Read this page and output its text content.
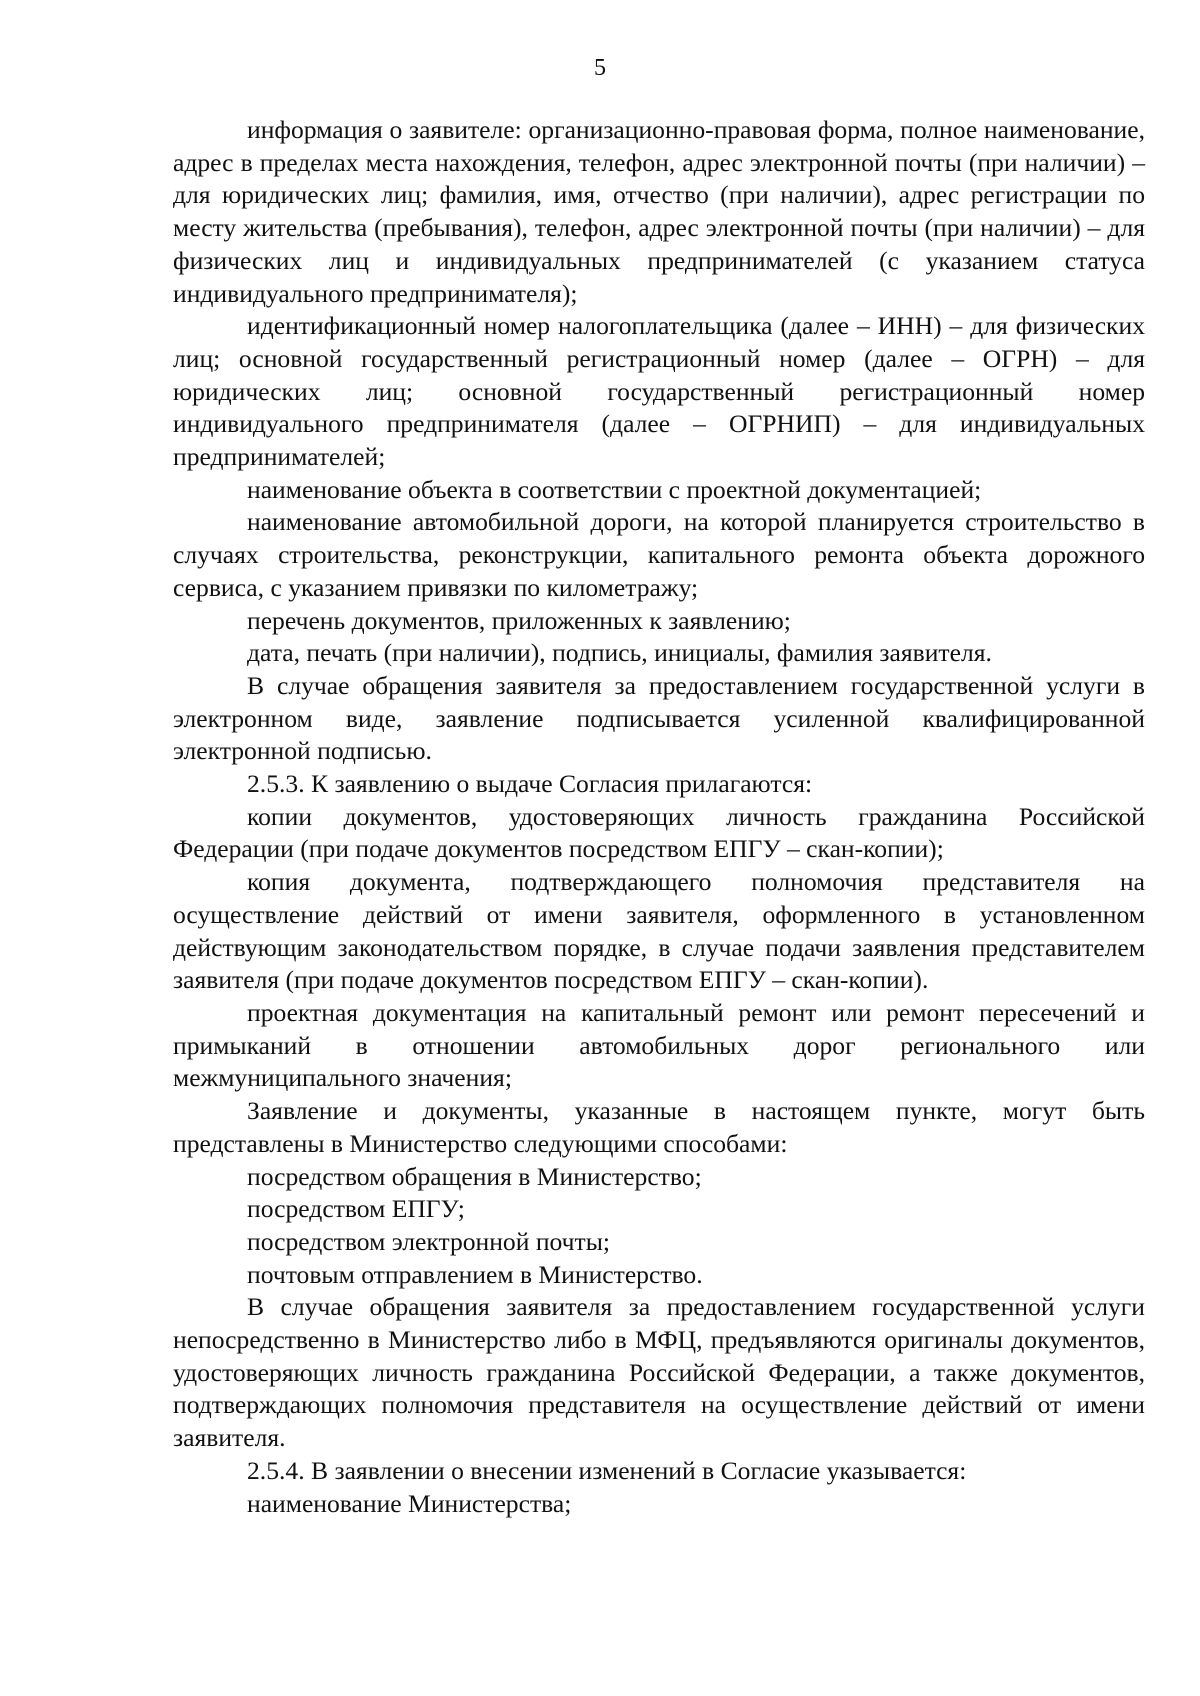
5

информация о заявителе: организационно-правовая форма, полное наименование, адрес в пределах места нахождения, телефон, адрес электронной почты (при наличии) – для юридических лиц; фамилия, имя, отчество (при наличии), адрес регистрации по месту жительства (пребывания), телефон, адрес электронной почты (при наличии) – для физических лиц и индивидуальных предпринимателей (с указанием статуса индивидуального предпринимателя);

идентификационный номер налогоплательщика (далее – ИНН) – для физических лиц; основной государственный регистрационный номер (далее – ОГРН) – для юридических лиц; основной государственный регистрационный номер индивидуального предпринимателя (далее – ОГРНИП) – для индивидуальных предпринимателей;

наименование объекта в соответствии с проектной документацией;

наименование автомобильной дороги, на которой планируется строительство в случаях строительства, реконструкции, капитального ремонта объекта дорожного сервиса, с указанием привязки по километражу;

перечень документов, приложенных к заявлению;

дата, печать (при наличии), подпись, инициалы, фамилия заявителя.

В случае обращения заявителя за предоставлением государственной услуги в электронном виде, заявление подписывается усиленной квалифицированной электронной подписью.

2.5.3. К заявлению о выдаче Согласия прилагаются:

копии документов, удостоверяющих личность гражданина Российской Федерации (при подаче документов посредством ЕПГУ – скан-копии);

копия документа, подтверждающего полномочия представителя на осуществление действий от имени заявителя, оформленного в установленном действующим законодательством порядке, в случае подачи заявления представителем заявителя (при подаче документов посредством ЕПГУ – скан-копии).

проектная документация на капитальный ремонт или ремонт пересечений и примыканий в отношении автомобильных дорог регионального или межмуниципального значения;

Заявление и документы, указанные в настоящем пункте, могут быть представлены в Министерство следующими способами:

посредством обращения в Министерство;

посредством ЕПГУ;

посредством электронной почты;

почтовым отправлением в Министерство.

В случае обращения заявителя за предоставлением государственной услуги непосредственно в Министерство либо в МФЦ, предъявляются оригиналы документов, удостоверяющих личность гражданина Российской Федерации, а также документов, подтверждающих полномочия представителя на осуществление действий от имени заявителя.

2.5.4. В заявлении о внесении изменений в Согласие указывается:

наименование Министерства;
